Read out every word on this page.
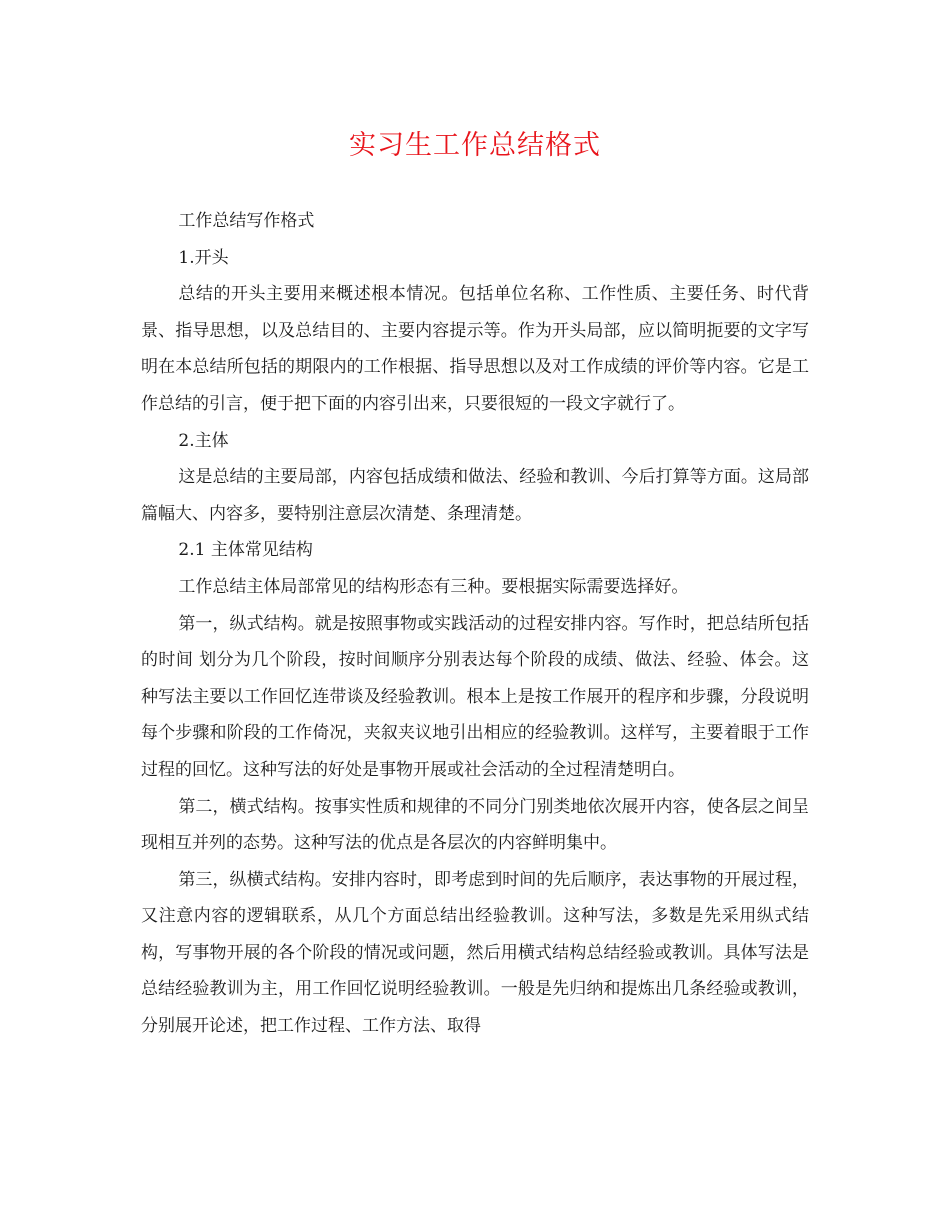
实习生工作总结格式

工作总结写作格式

1.开头

总结的开头主要用来概述根本情况。包括单位名称、工作性质、主要任务、时代背景、指导思想，以及总结目的、主要内容提示等。作为开头局部，应以简明扼要的文字写明在本总结所包括的期限内的工作根据、指导思想以及对工作成绩的评价等内容。它是工作总结的引言，便于把下面的内容引出来，只要很短的一段文字就行了。

2.主体

这是总结的主要局部，内容包括成绩和做法、经验和教训、今后打算等方面。这局部篇幅大、内容多，要特别注意层次清楚、条理清楚。

2.1 主体常见结构

工作总结主体局部常见的结构形态有三种。要根据实际需要选择好。

第一，纵式结构。就是按照事物或实践活动的过程安排内容。写作时，把总结所包括的时间 划分为几个阶段，按时间顺序分别表达每个阶段的成绩、做法、经验、体会。这种写法主要以工作回忆连带谈及经验教训。根本上是按工作展开的程序和步骤，分段说明每个步骤和阶段的工作倚况，夹叙夹议地引出相应的经验教训。这样写，主要着眼于工作过程的回忆。这种写法的好处是事物开展或社会活动的全过程清楚明白。

第二，横式结构。按事实性质和规律的不同分门别类地依次展开内容，使各层之间呈现相互并列的态势。这种写法的优点是各层次的内容鲜明集中。

第三，纵横式结构。安排内容时，即考虑到时间的先后顺序，表达事物的开展过程，又注意内容的逻辑联系，从几个方面总结出经验教训。这种写法，多数是先采用纵式结构，写事物开展的各个阶段的情况或问题，然后用横式结构总结经验或教训。具体写法是总结经验教训为主，用工作回忆说明经验教训。一般是先归纳和提炼出几条经验或教训，分别展开论述，把工作过程、工作方法、取得
